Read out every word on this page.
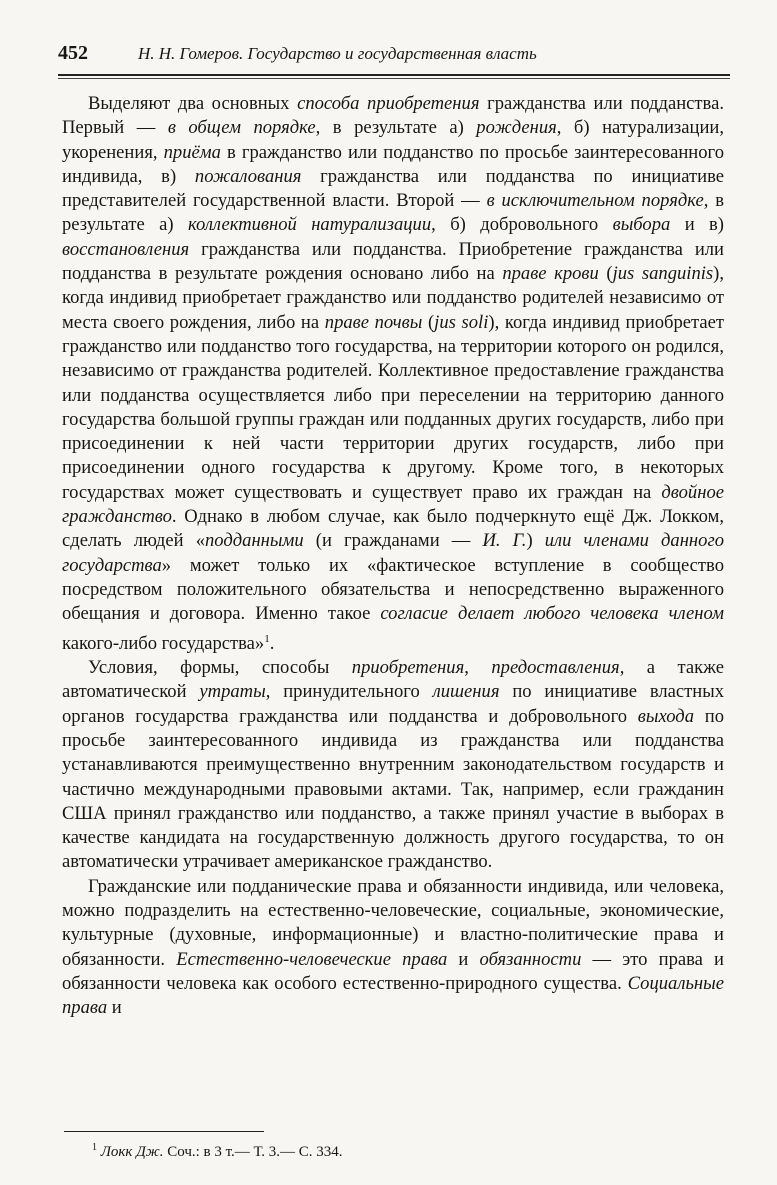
452	Н. Н. Гомеров. Государство и государственная власть

Выделяют два основных способа приобретения гражданства или подданства. Первый — в общем порядке, в результате а) рождения, б) натурализации, укоренения, приёма в гражданство или подданство по просьбе заинтересованного индивида, в) пожалования гражданства или подданства по инициативе представителей государственной власти. Второй — в исключительном порядке, в результате а) коллективной натурализации, б) добровольного выбора и в) восстановления гражданства или подданства. Приобретение гражданства или подданства в результате рождения основано либо на праве крови (jus sanguinis), когда индивид приобретает гражданство или подданство родителей независимо от места своего рождения, либо на праве почвы (jus soli), когда индивид приобретает гражданство или подданство того государства, на территории которого он родился, независимо от гражданства родителей. Коллективное предоставление гражданства или подданства осуществляется либо при переселении на территорию данного государства большой группы граждан или подданных других государств, либо при присоединении к ней части территории других государств, либо при присоединении одного государства к другому. Кроме того, в некоторых государствах может существовать и существует право их граждан на двойное гражданство. Однако в любом случае, как было подчеркнуто ещё Дж. Локком, сделать людей «подданными (и гражданами — И. Г.) или членами данного государства» может только их «фактическое вступление в сообщество посредством положительного обязательства и непосредственно выраженного обещания и договора. Именно такое согласие делает любого человека членом какого-либо государства»$^1$.

Условия, формы, способы приобретения, предоставления, а также автоматической утраты, принудительного лишения по инициативе властных органов государства гражданства или подданства и добровольного выхода по просьбе заинтересованного индивида из гражданства или подданства устанавливаются преимущественно внутренним законодательством государств и частично международными правовыми актами. Так, например, если гражданин США принял гражданство или подданство, а также принял участие в выборах в качестве кандидата на государственную должность другого государства, то он автоматически утрачивает американское гражданство.

Гражданские или подданические права и обязанности индивида, или человека, можно подразделить на естественно-человеческие, социальные, экономические, культурные (духовные, информационные) и властно-политические права и обязанности. Естественно-человеческие права и обязанности — это права и обязанности человека как особого естественно-природного существа. Социальные права и

$^1$ Локк Дж. Соч.: в 3 т.— Т. 3.— С. 334.
